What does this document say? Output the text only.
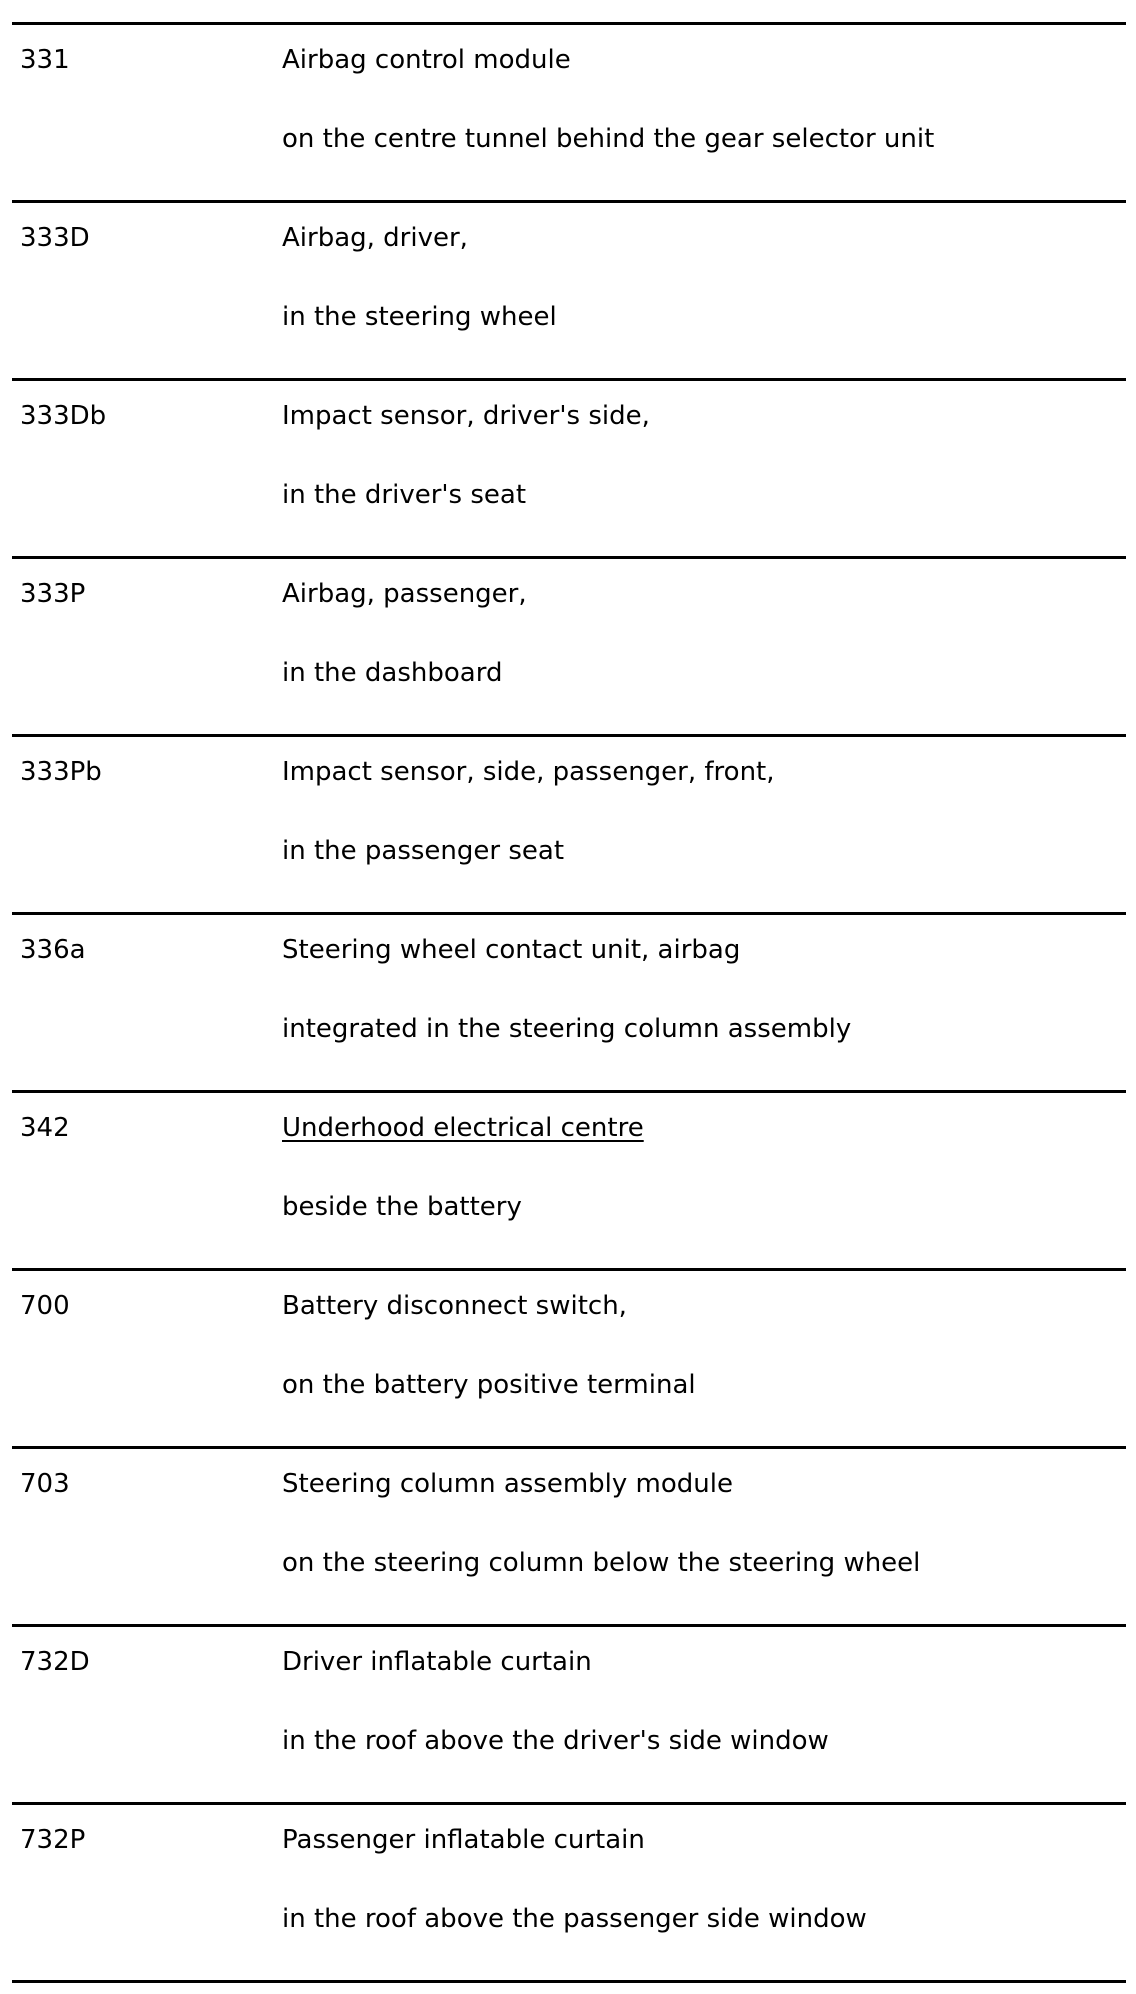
331	Airbag control module
on the centre tunnel behind the gear selector unit
333D	Airbag, driver,
in the steering wheel
333Db	Impact sensor, driver's side,
in the driver's seat
333P	Airbag, passenger,
in the dashboard
333Pb	Impact sensor, side, passenger, front,
in the passenger seat
336a	Steering wheel contact unit, airbag
integrated in the steering column assembly
342	Underhood electrical centre
beside the battery
700	Battery disconnect switch,
on the battery positive terminal
703	Steering column assembly module
on the steering column below the steering wheel
732D	Driver inflatable curtain
in the roof above the driver's side window
732P	Passenger inflatable curtain
in the roof above the passenger side window
